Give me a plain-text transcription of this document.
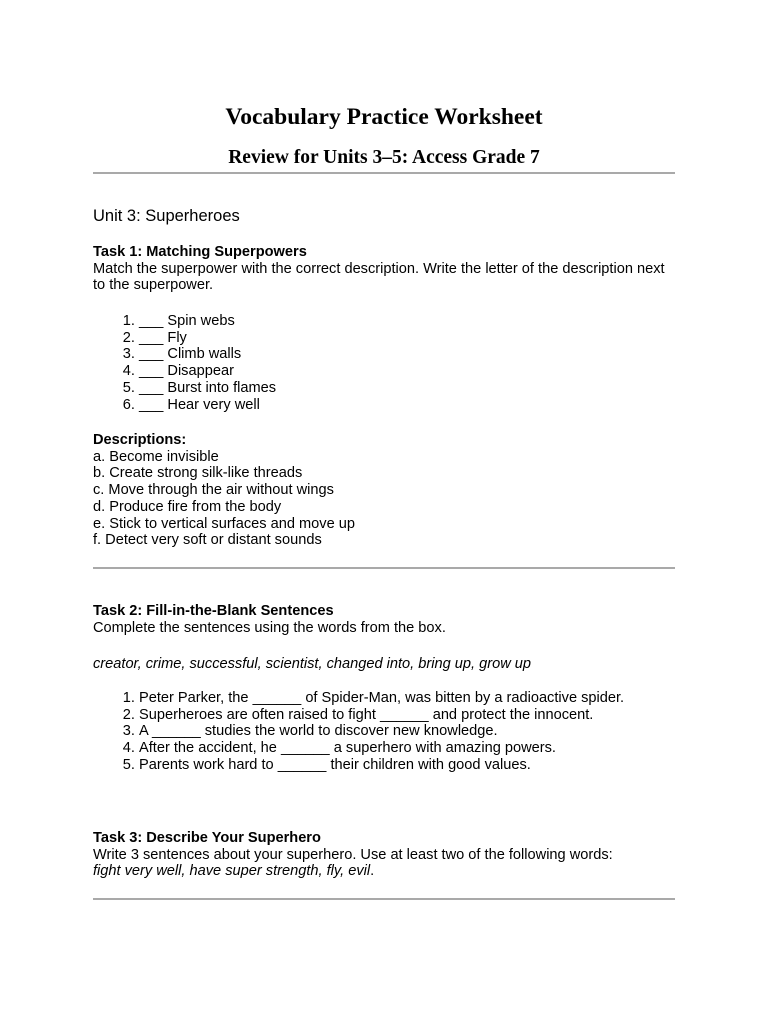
Vocabulary Practice Worksheet
Review for Units 3–5: Access Grade 7

Unit 3: Superheroes

Task 1: Matching Superpowers

Match the superpower with the correct description. Write the letter of the description next to the superpower.

1. ___ Spin webs
2. ___ Fly
3. ___ Climb walls
4. ___ Disappear
5. ___ Burst into flames
6. ___ Hear very well

Descriptions:

a. Become invisible
b. Create strong silk-like threads
c. Move through the air without wings
d. Produce fire from the body
e. Stick to vertical surfaces and move up
f. Detect very soft or distant sounds

Task 2: Fill-in-the-Blank Sentences

Complete the sentences using the words from the box.

creator, crime, successful, scientist, changed into, bring up, grow up

1. Peter Parker, the ______ of Spider-Man, was bitten by a radioactive spider.
2. Superheroes are often raised to fight ______ and protect the innocent.
3. A ______ studies the world to discover new knowledge.
4. After the accident, he ______ a superhero with amazing powers.
5. Parents work hard to ______ their children with good values.

Task 3: Describe Your Superhero

Write 3 sentences about your superhero. Use at least two of the following words:

fight very well, have super strength, fly, evil.
